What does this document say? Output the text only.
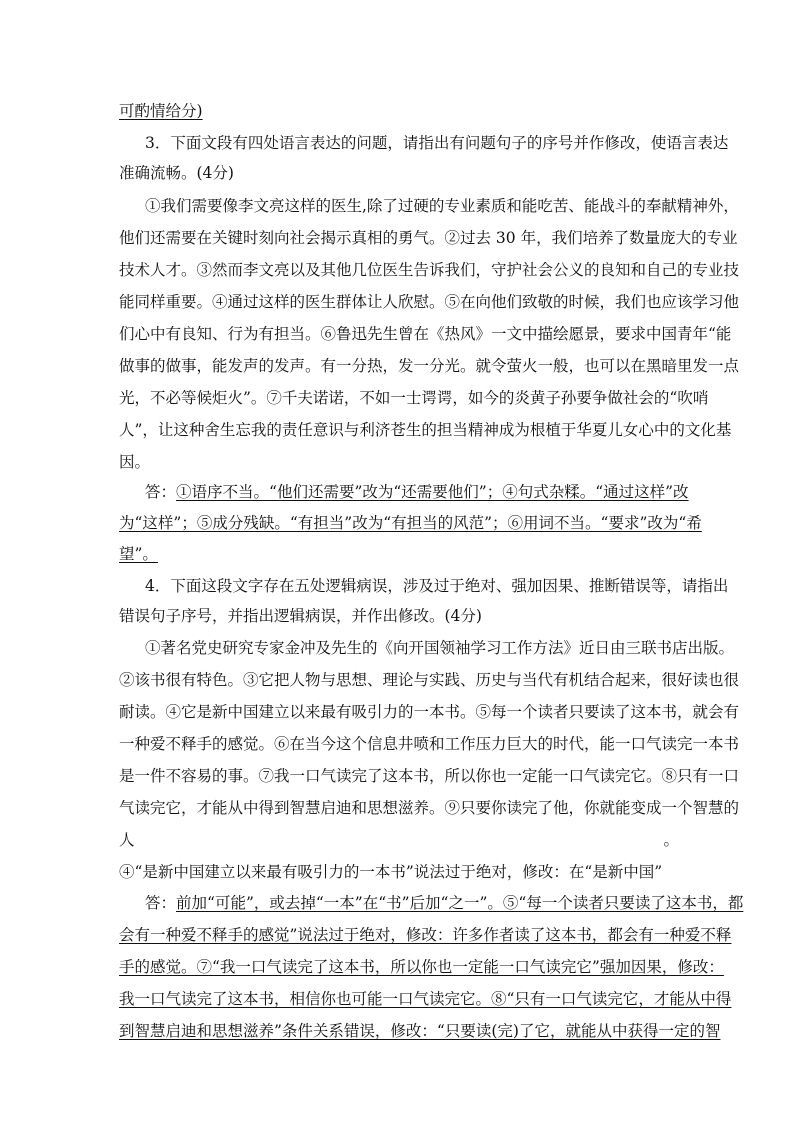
可酌情给分)
3．下面文段有四处语言表达的问题，请指出有问题句子的序号并作修改，使语言表达
准确流畅。(4分)
①我们需要像李文亮这样的医生,除了过硬的专业素质和能吃苦、能战斗的奉献精神外，
他们还需要在关键时刻向社会揭示真相的勇气。②过去 30 年，我们培养了数量庞大的专业
技术人才。③然而李文亮以及其他几位医生告诉我们，守护社会公义的良知和自己的专业技
能同样重要。④通过这样的医生群体让人欣慰。⑤在向他们致敬的时候，我们也应该学习他
们心中有良知、行为有担当。⑥鲁迅先生曾在《热风》一文中描绘愿景，要求中国青年“能
做事的做事，能发声的发声。有一分热，发一分光。就令萤火一般，也可以在黑暗里发一点
光，不必等候炬火”。⑦千夫诺诺，不如一士谔谔，如今的炎黄子孙要争做社会的“吹哨
人”，让这种舍生忘我的责任意识与利济苍生的担当精神成为根植于华夏儿女心中的文化基
因。
答：①语序不当。“他们还需要”改为“还需要他们”；④句式杂糅。“通过这样”改
为“这样”；⑤成分残缺。“有担当”改为“有担当的风范”；⑥用词不当。“要求”改为“希
望”。
4．下面这段文字存在五处逻辑病误，涉及过于绝对、强加因果、推断错误等，请指出
错误句子序号，并指出逻辑病误，并作出修改。(4分)
①著名党史研究专家金冲及先生的《向开国领袖学习工作方法》近日由三联书店出版。
②该书很有特色。③它把人物与思想、理论与实践、历史与当代有机结合起来，很好读也很
耐读。④它是新中国建立以来最有吸引力的一本书。⑤每一个读者只要读了这本书，就会有
一种爱不释手的感觉。⑥在当今这个信息井喷和工作压力巨大的时代，能一口气读完一本书
是一件不容易的事。⑦我一口气读完了这本书，所以你也一定能一口气读完它。⑧只有一口
气读完它，才能从中得到智慧启迪和思想滋养。⑨只要你读完了他，你就能变成一个智慧的
人。
④“是新中国建立以来最有吸引力的一本书”说法过于绝对，修改：在“是新中国”
答：前加“可能”，或去掉“一本”在“书”后加“之一”。⑤“每一个读者只要读了这本书，都
会有一种爱不释手的感觉”说法过于绝对，修改：许多作者读了这本书，都会有一种爱不释
手的感觉。⑦“我一口气读完了这本书，所以你也一定能一口气读完它”强加因果，修改：
我一口气读完了这本书，相信你也可能一口气读完它。⑧“只有一口气读完它，才能从中得
到智慧启迪和思想滋养”条件关系错误，修改：“只要读(完)了它，就能从中获得一定的智
